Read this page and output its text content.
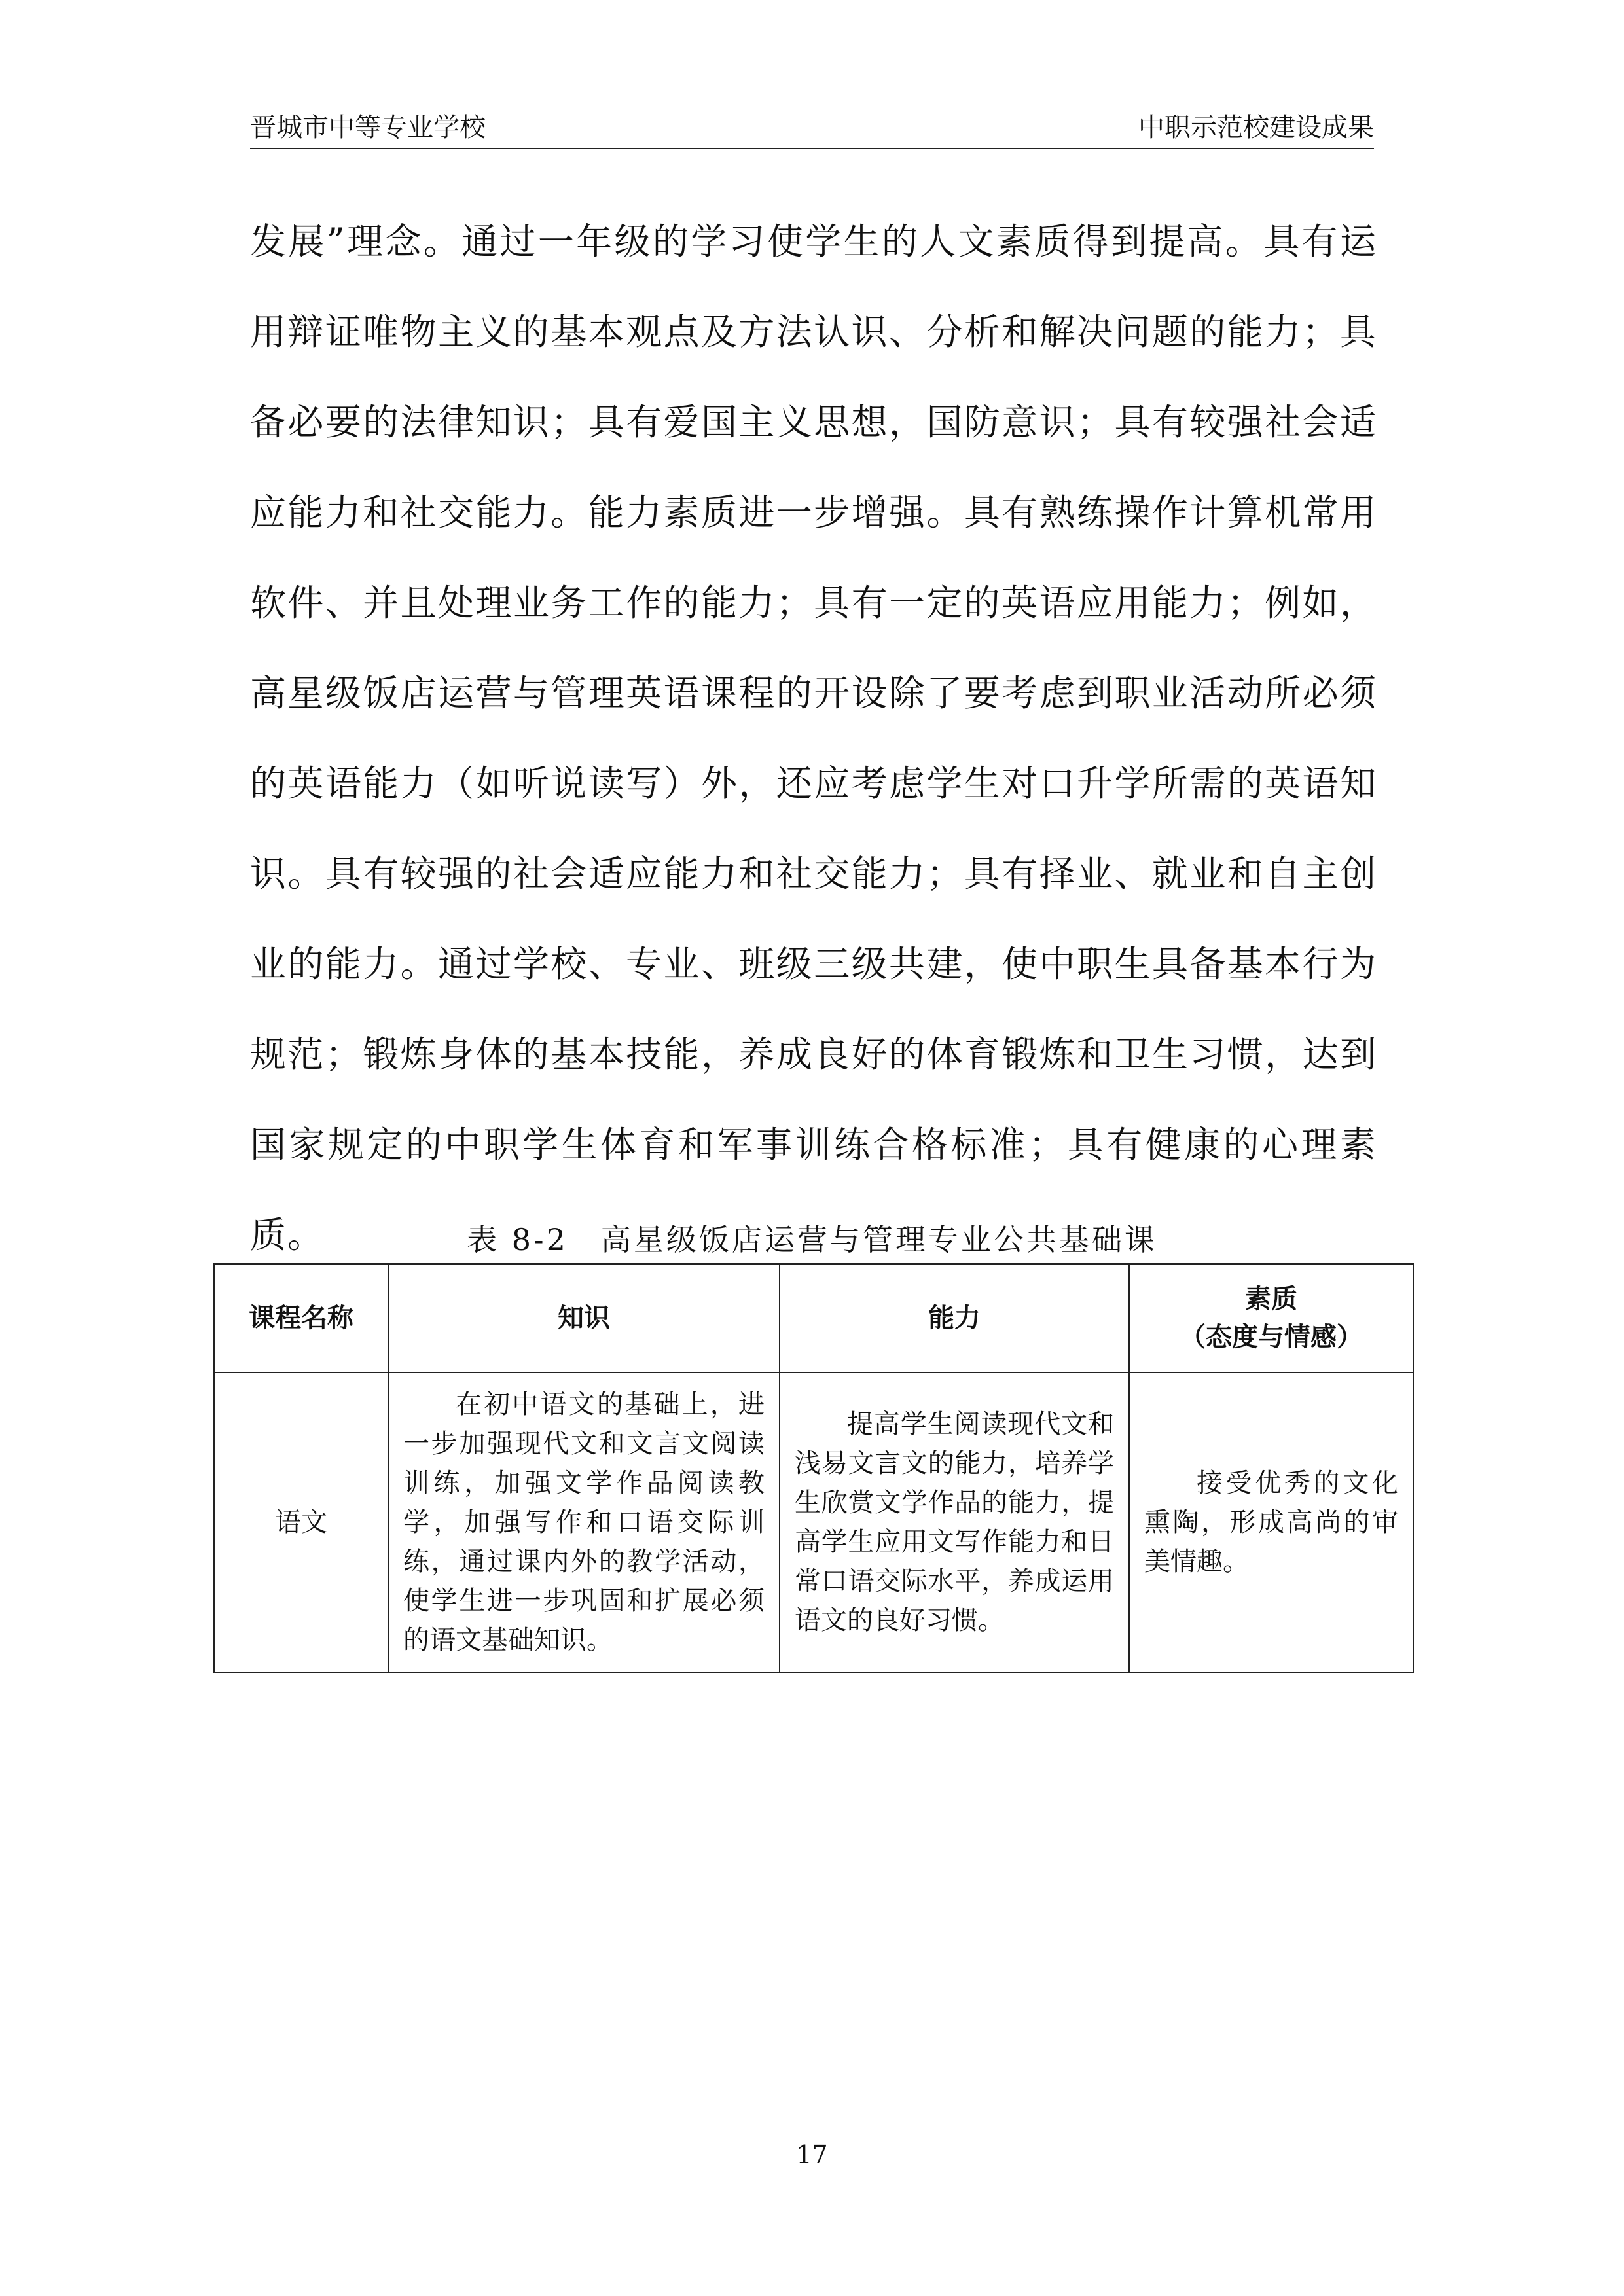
晋城市中等专业学校	中职示范校建设成果

发展”理念。通过一年级的学习使学生的人文素质得到提高。具有运用辩证唯物主义的基本观点及方法认识、分析和解决问题的能力；具备必要的法律知识；具有爱国主义思想，国防意识；具有较强社会适应能力和社交能力。能力素质进一步增强。具有熟练操作计算机常用软件、并且处理业务工作的能力；具有一定的英语应用能力；例如，高星级饭店运营与管理英语课程的开设除了要考虑到职业活动所必须的英语能力（如听说读写）外，还应考虑学生对口升学所需的英语知识。具有较强的社会适应能力和社交能力；具有择业、就业和自主创业的能力。通过学校、专业、班级三级共建，使中职生具备基本行为规范；锻炼身体的基本技能，养成良好的体育锻炼和卫生习惯，达到国家规定的中职学生体育和军事训练合格标准；具有健康的心理素质。	表 8-2　高星级饭店运营与管理专业公共基础课
课程名称	知识	能力	素质
（态度与情感）

语文	在初中语文的基础上，进一步加强现代文和文言文阅读训练，加强文学作品阅读教学，加强写作和口语交际训练，通过课内外的教学活动，使学生进一步巩固和扩展必须的语文基础知识。	提高学生阅读现代文和浅易文言文的能力，培养学生欣赏文学作品的能力，提高学生应用文写作能力和日常口语交际水平，养成运用语文的良好习惯。	接受优秀的文化熏陶，形成高尚的审美情趣。
17
